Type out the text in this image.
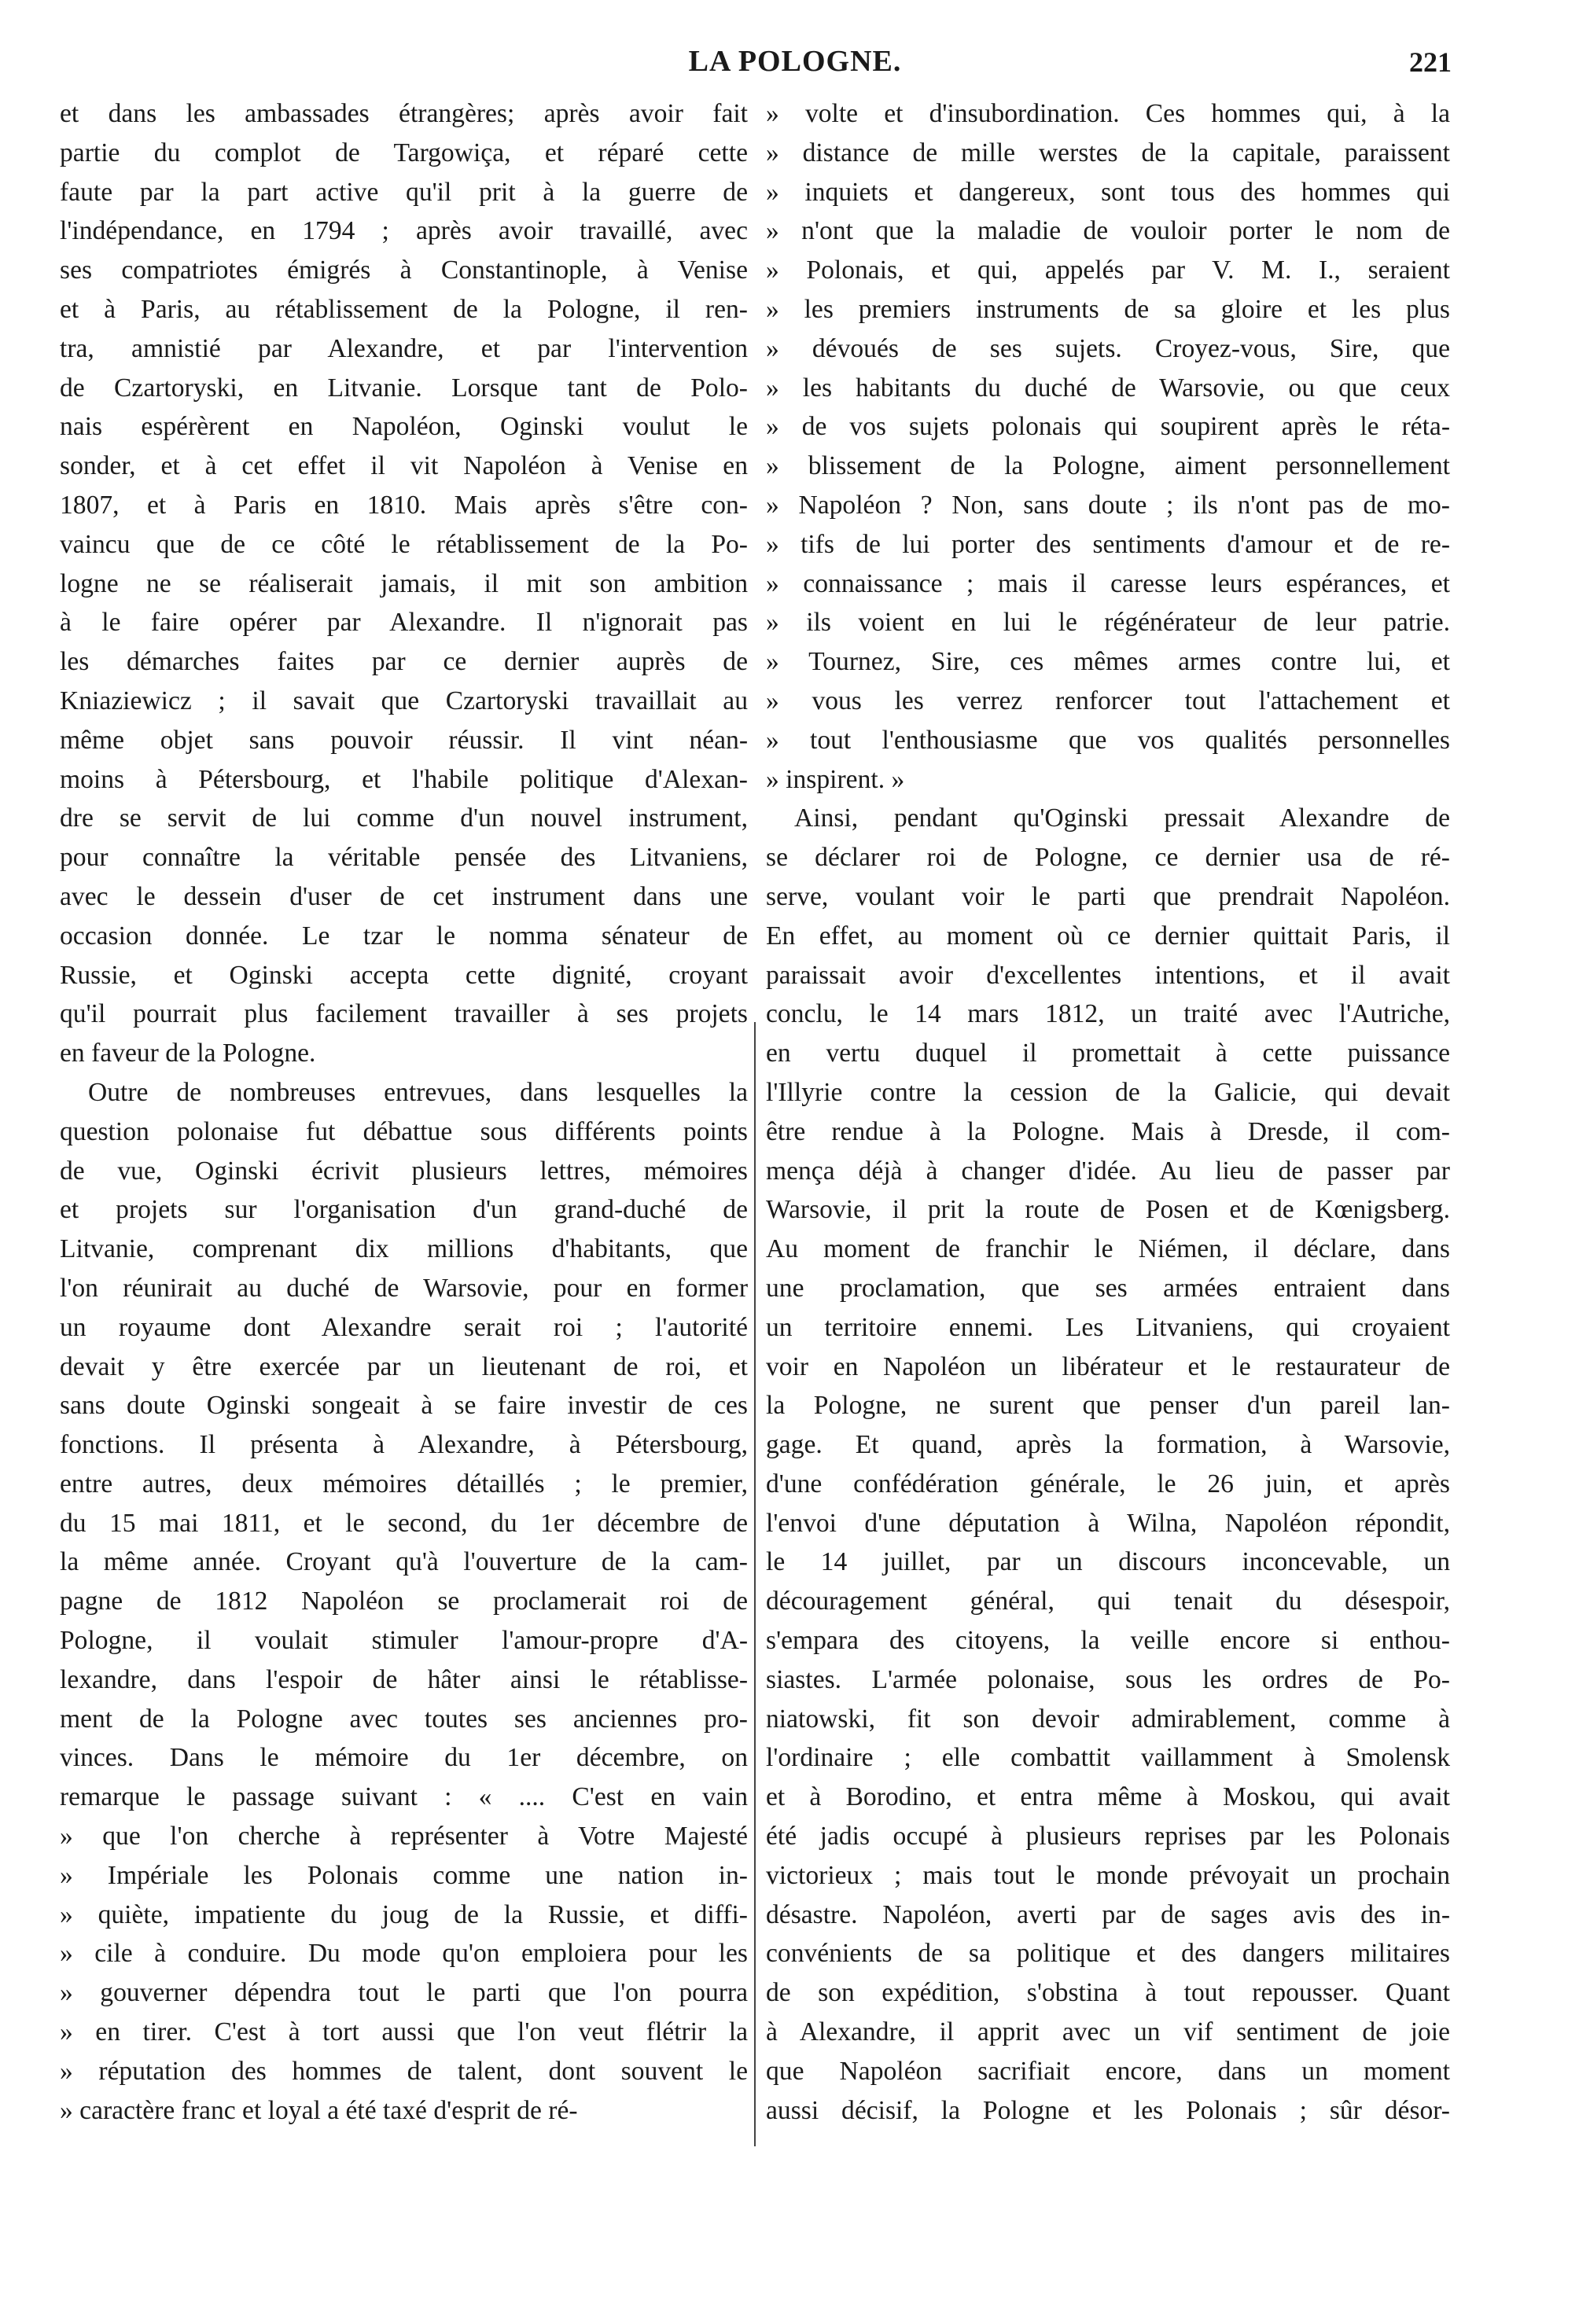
LA POLOGNE.	221
et dans les ambassades étrangères; après avoir fait
partie du complot de Targowiça, et réparé cette
faute par la part active qu'il prit à la guerre de
l'indépendance, en 1794 ; après avoir travaillé, avec
ses compatriotes émigrés à Constantinople, à Venise
et à Paris, au rétablissement de la Pologne, il ren-
tra, amnistié par Alexandre, et par l'intervention
de Czartoryski, en Litvanie. Lorsque tant de Polo-
nais espérèrent en Napoléon, Oginski voulut le
sonder, et à cet effet il vit Napoléon à Venise en
1807, et à Paris en 1810. Mais après s'être con-
vaincu que de ce côté le rétablissement de la Po-
logne ne se réaliserait jamais, il mit son ambition
à le faire opérer par Alexandre. Il n'ignorait pas
les démarches faites par ce dernier auprès de
Kniaziewicz ; il savait que Czartoryski travaillait au
même objet sans pouvoir réussir. Il vint néan-
moins à Pétersbourg, et l'habile politique d'Alexan-
dre se servit de lui comme d'un nouvel instrument,
pour connaître la véritable pensée des Litvaniens,
avec le dessein d'user de cet instrument dans une
occasion donnée. Le tzar le nomma sénateur de
Russie, et Oginski accepta cette dignité, croyant
qu'il pourrait plus facilement travailler à ses projets
en faveur de la Pologne.
Outre de nombreuses entrevues, dans lesquelles la
question polonaise fut débattue sous différents points
de vue, Oginski écrivit plusieurs lettres, mémoires
et projets sur l'organisation d'un grand-duché de
Litvanie, comprenant dix millions d'habitants, que
l'on réunirait au duché de Warsovie, pour en former
un royaume dont Alexandre serait roi ; l'autorité
devait y être exercée par un lieutenant de roi, et
sans doute Oginski songeait à se faire investir de ces
fonctions. Il présenta à Alexandre, à Pétersbourg,
entre autres, deux mémoires détaillés ; le premier,
du 15 mai 1811, et le second, du 1er décembre de
la même année. Croyant qu'à l'ouverture de la cam-
pagne de 1812 Napoléon se proclamerait roi de
Pologne, il voulait stimuler l'amour-propre d'A-
lexandre, dans l'espoir de hâter ainsi le rétablisse-
ment de la Pologne avec toutes ses anciennes pro-
vinces. Dans le mémoire du 1er décembre, on
remarque le passage suivant : « .... C'est en vain
» que l'on cherche à représenter à Votre Majesté
» Impériale les Polonais comme une nation in-
» quiète, impatiente du joug de la Russie, et diffi-
» cile à conduire. Du mode qu'on emploiera pour les
» gouverner dépendra tout le parti que l'on pourra
» en tirer. C'est à tort aussi que l'on veut flétrir la
» réputation des hommes de talent, dont souvent le
» caractère franc et loyal a été taxé d'esprit de ré-
» volte et d'insubordination. Ces hommes qui, à la
» distance de mille werstes de la capitale, paraissent
» inquiets et dangereux, sont tous des hommes qui
» n'ont que la maladie de vouloir porter le nom de
» Polonais, et qui, appelés par V. M. I., seraient
» les premiers instruments de sa gloire et les plus
» dévoués de ses sujets. Croyez-vous, Sire, que
» les habitants du duché de Warsovie, ou que ceux
» de vos sujets polonais qui soupirent après le réta-
» blissement de la Pologne, aiment personnellement
» Napoléon ? Non, sans doute ; ils n'ont pas de mo-
» tifs de lui porter des sentiments d'amour et de re-
» connaissance ; mais il caresse leurs espérances, et
» ils voient en lui le régénérateur de leur patrie.
» Tournez, Sire, ces mêmes armes contre lui, et
» vous les verrez renforcer tout l'attachement et
» tout l'enthousiasme que vos qualités personnelles
» inspirent. »
Ainsi, pendant qu'Oginski pressait Alexandre de
se déclarer roi de Pologne, ce dernier usa de ré-
serve, voulant voir le parti que prendrait Napoléon.
En effet, au moment où ce dernier quittait Paris, il
paraissait avoir d'excellentes intentions, et il avait
conclu, le 14 mars 1812, un traité avec l'Autriche,
en vertu duquel il promettait à cette puissance
l'Illyrie contre la cession de la Galicie, qui devait
être rendue à la Pologne. Mais à Dresde, il com-
mença déjà à changer d'idée. Au lieu de passer par
Warsovie, il prit la route de Posen et de Kœnigsberg.
Au moment de franchir le Niémen, il déclare, dans
une proclamation, que ses armées entraient dans
un territoire ennemi. Les Litvaniens, qui croyaient
voir en Napoléon un libérateur et le restaurateur de
la Pologne, ne surent que penser d'un pareil lan-
gage. Et quand, après la formation, à Warsovie,
d'une confédération générale, le 26 juin, et après
l'envoi d'une députation à Wilna, Napoléon répondit,
le 14 juillet, par un discours inconcevable, un
découragement général, qui tenait du désespoir,
s'empara des citoyens, la veille encore si enthou-
siastes. L'armée polonaise, sous les ordres de Po-
niatowski, fit son devoir admirablement, comme à
l'ordinaire ; elle combattit vaillamment à Smolensk
et à Borodino, et entra même à Moskou, qui avait
été jadis occupé à plusieurs reprises par les Polonais
victorieux ; mais tout le monde prévoyait un prochain
désastre. Napoléon, averti par de sages avis des in-
convénients de sa politique et des dangers militaires
de son expédition, s'obstina à tout repousser. Quant
à Alexandre, il apprit avec un vif sentiment de joie
que Napoléon sacrifiait encore, dans un moment
aussi décisif, la Pologne et les Polonais ; sûr désor-
